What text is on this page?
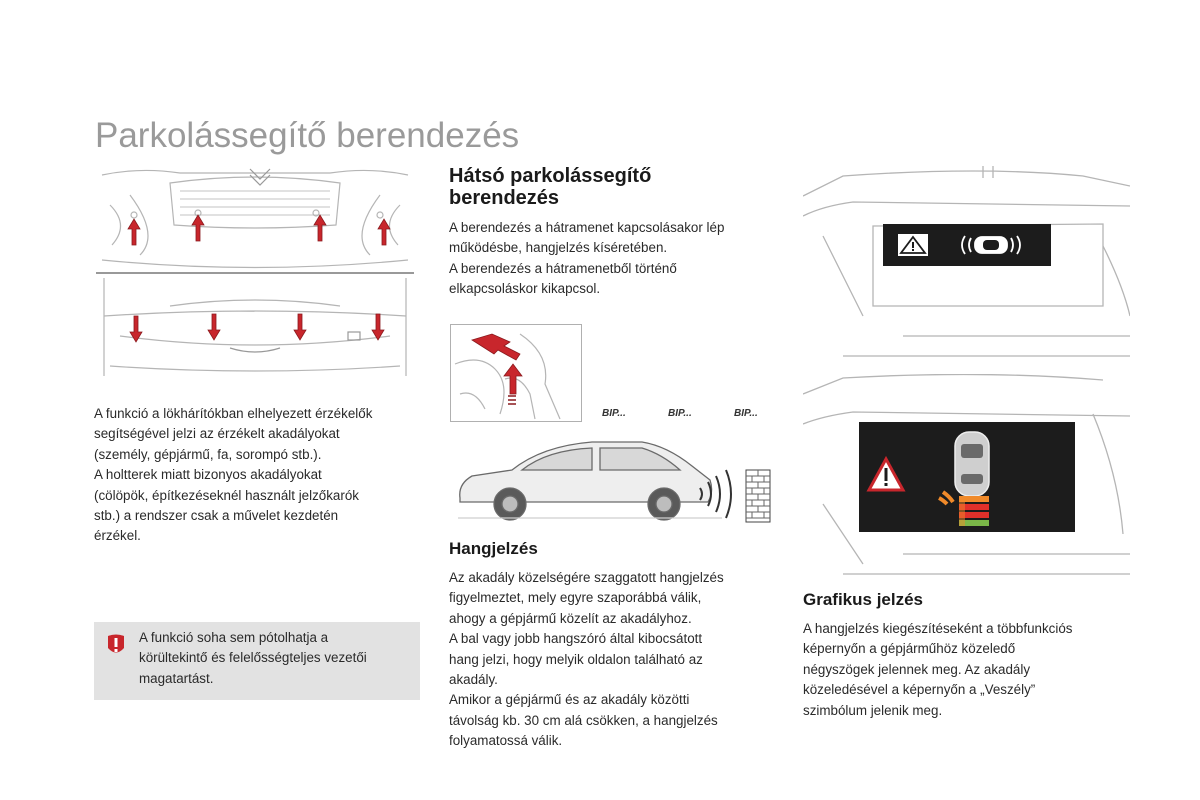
Parkolássegítő berendezés

A funkció a lökhárítókban elhelyezett érzékelők

segítségével jelzi az érzékelt akadályokat

(személy, gépjármű, fa, sorompó stb.).

A holtterek miatt bizonyos akadályokat

(cölöpök, építkezéseknél használt jelzőkarók

stb.) a rendszer csak a művelet kezdetén

érzékel.

A funkció soha sem pótolhatja a

körültekintő és felelősségteljes vezetői

magatartást.

Hátsó parkolássegítő
berendezés

A berendezés a hátramenet kapcsolásakor lép

működésbe, hangjelzés kíséretében.

A berendezés a hátramenetből történő

elkapcsoláskor kikapcsol.

BIP...	BIP...	BIP...
Hangjelzés

Az akadály közelségére szaggatott hangjelzés

figyelmeztet, mely egyre szaporábbá válik,

ahogy a gépjármű közelít az akadályhoz.

A bal vagy jobb hangszóró által kibocsátott

hang jelzi, hogy melyik oldalon található az

akadály.

Amikor a gépjármű és az akadály közötti

távolság kb. 30 cm alá csökken, a hangjelzés

folyamatossá válik.

Grafikus jelzés

A hangjelzés kiegészítéseként a többfunkciós

képernyőn a gépjárműhöz közeledő

négyszögek jelennek meg. Az akadály

közeledésével a képernyőn a „Veszély”

szimbólum jelenik meg.
